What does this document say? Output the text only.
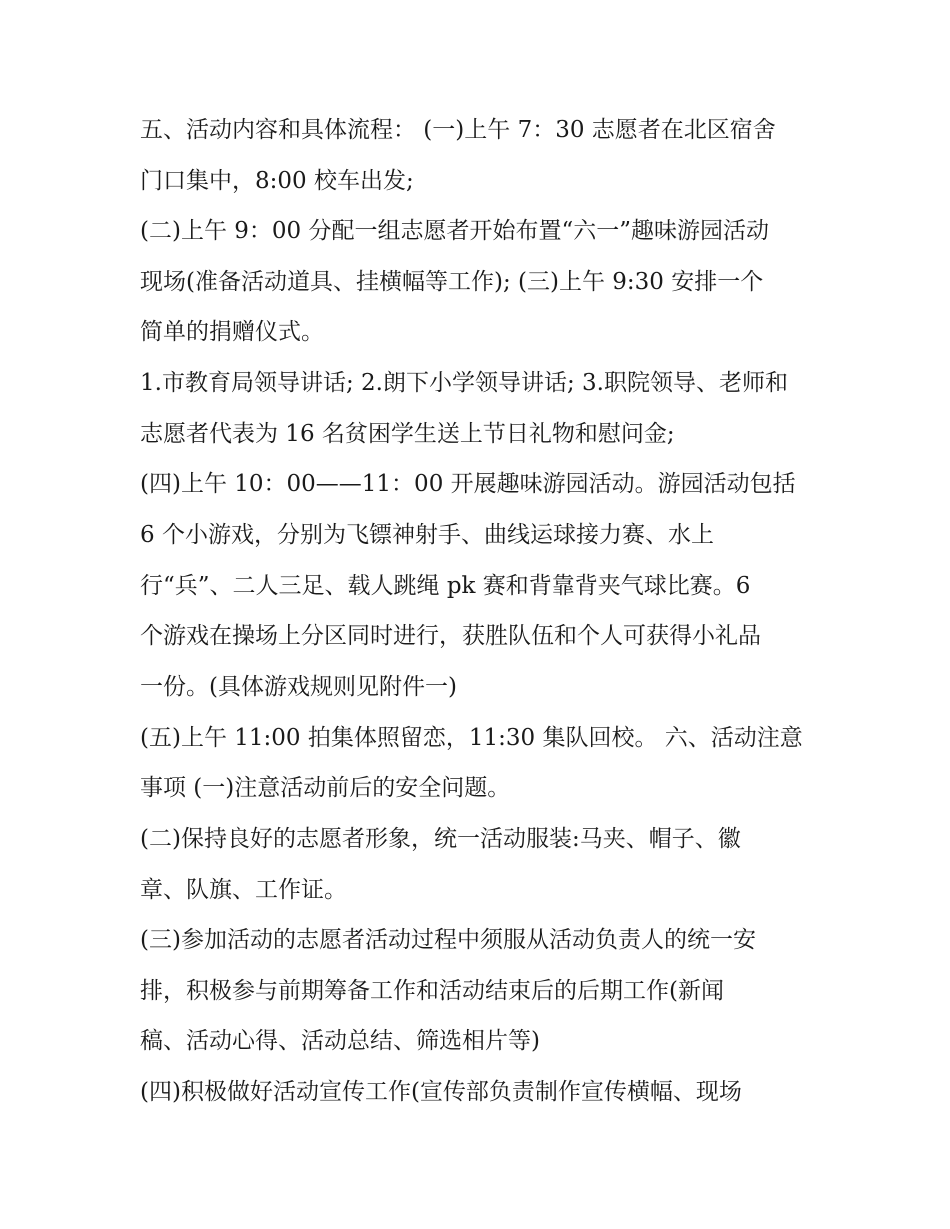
五、活动内容和具体流程： (一)上午 7：30 志愿者在北区宿舍
门口集中，8:00 校车出发;
(二)上午 9：00 分配一组志愿者开始布置“六一”趣味游园活动
现场(准备活动道具、挂横幅等工作); (三)上午 9:30 安排一个
简单的捐赠仪式。
1.市教育局领导讲话; 2.朗下小学领导讲话; 3.职院领导、老师和
志愿者代表为 16 名贫困学生送上节日礼物和慰问金;
(四)上午 10：00——11：00 开展趣味游园活动。游园活动包括
6 个小游戏，分别为飞镖神射手、曲线运球接力赛、水上
行“兵”、二人三足、载人跳绳 pk 赛和背靠背夹气球比赛。6
个游戏在操场上分区同时进行，获胜队伍和个人可获得小礼品
一份。(具体游戏规则见附件一)
(五)上午 11:00 拍集体照留恋，11:30 集队回校。 六、活动注意
事项 (一)注意活动前后的安全问题。
(二)保持良好的志愿者形象，统一活动服装:马夹、帽子、徽
章、队旗、工作证。
(三)参加活动的志愿者活动过程中须服从活动负责人的统一安
排，积极参与前期筹备工作和活动结束后的后期工作(新闻
稿、活动心得、活动总结、筛选相片等)
(四)积极做好活动宣传工作(宣传部负责制作宣传横幅、现场
